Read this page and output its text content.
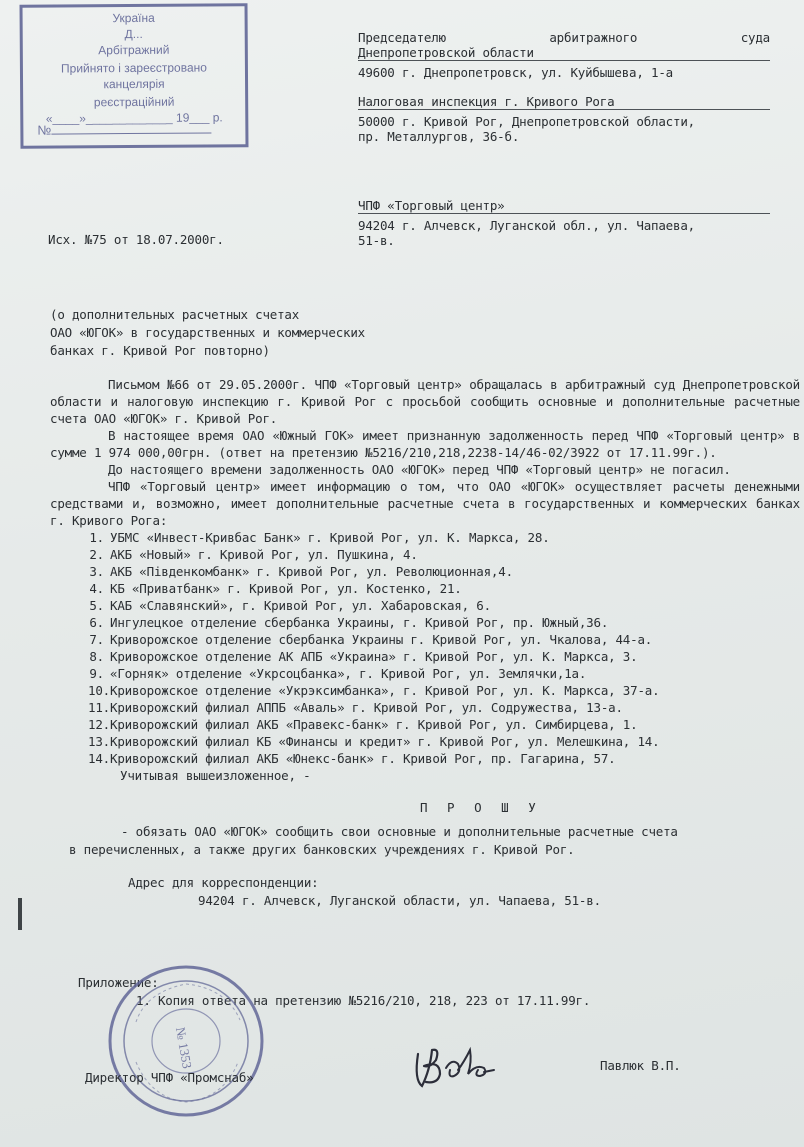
Україна
Д...
Арбітражний
Прийнято і зареєстровано
канцелярія
реєстраційний
«____»_____________ 19___ р.
№
Председателю	арбитражного	суда
Днепропетровской области
49600 г. Днепропетровск, ул. Куйбышева, 1-а
Налоговая инспекция г. Кривого Рога
50000 г. Кривой Рог, Днепропетровской области,
пр. Металлургов, 36-б.
ЧПФ «Торговый центр»
94204 г. Алчевск, Луганской обл., ул. Чапаева,
51-в.
Исх. №75 от 18.07.2000г.
(о дополнительных расчетных счетах
ОАО «ЮГОК» в государственных и коммерческих
банках г. Кривой Рог повторно)

Письмом №66 от 29.05.2000г. ЧПФ «Торговый центр» обращалась в арбитражный суд Днепропетровской области и налоговую инспекцию г. Кривой Рог с просьбой сообщить основные и дополнительные расчетные счета ОАО «ЮГОК» г. Кривой Рог.

В настоящее время ОАО «Южный ГОК» имеет признанную задолженность перед ЧПФ «Торговый центр» в сумме 1 974 000,00грн. (ответ на претензию №5216/210,218,2238-14/46-02/3922 от 17.11.99г.).

До настоящего времени задолженность ОАО «ЮГОК» перед ЧПФ «Торговый центр» не погасил.

ЧПФ «Торговый центр» имеет информацию о том, что ОАО «ЮГОК» осуществляет расчеты денежными средствами и, возможно, имеет дополнительные расчетные счета в государственных и коммерческих банках г. Кривого Рога:

1. УБМС «Инвест-Кривбас Банк» г. Кривой Рог, ул. К. Маркса, 28.
2. АКБ «Новый» г. Кривой Рог, ул. Пушкина, 4.
3. АКБ «Південкомбанк» г. Кривой Рог, ул. Революционная,4.
4. КБ «Приватбанк» г. Кривой Рог, ул. Костенко, 21.
5. КАБ «Славянский», г. Кривой Рог, ул. Хабаровская, 6.
6. Ингулецкое отделение сбербанка Украины, г. Кривой Рог, пр. Южный,36.
7. Криворожское отделение сбербанка Украины г. Кривой Рог, ул. Чкалова, 44-а.
8. Криворожское отделение АК АПБ «Украина» г. Кривой Рог, ул. К. Маркса, 3.
9. «Горняк» отделение «Укрсоцбанка», г. Кривой Рог, ул. Землячки,1а.
10.Криворожское отделение «Укрэксимбанка», г. Кривой Рог, ул. К. Маркса, 37-а.
11.Криворожский филиал АППБ «Аваль» г. Кривой Рог, ул. Содружества, 13-а.
12.Криворожский филиал АКБ «Правекс-банк» г. Кривой Рог, ул. Симбирцева, 1.
13.Криворожский филиал КБ «Финансы и кредит» г. Кривой Рог, ул. Мелешкина, 14.
14.Криворожский филиал АКБ «Юнекс-банк» г. Кривой Рог, пр. Гагарина, 57.

Учитывая вышеизложенное, -

П Р О Ш У
- обязать ОАО «ЮГОК» сообщить свои основные и дополнительные расчетные счета
в перечисленных, а также других банковских учреждениях г. Кривой Рог.
Адрес для корреспонденции:
94204 г. Алчевск, Луганской области, ул. Чапаева, 51-в.
Приложение:
1. Копия ответа на претензию №5216/210, 218, 223 от 17.11.99г.
№ 1353
Директор ЧПФ «Промснаб»
Павлюк В.П.
